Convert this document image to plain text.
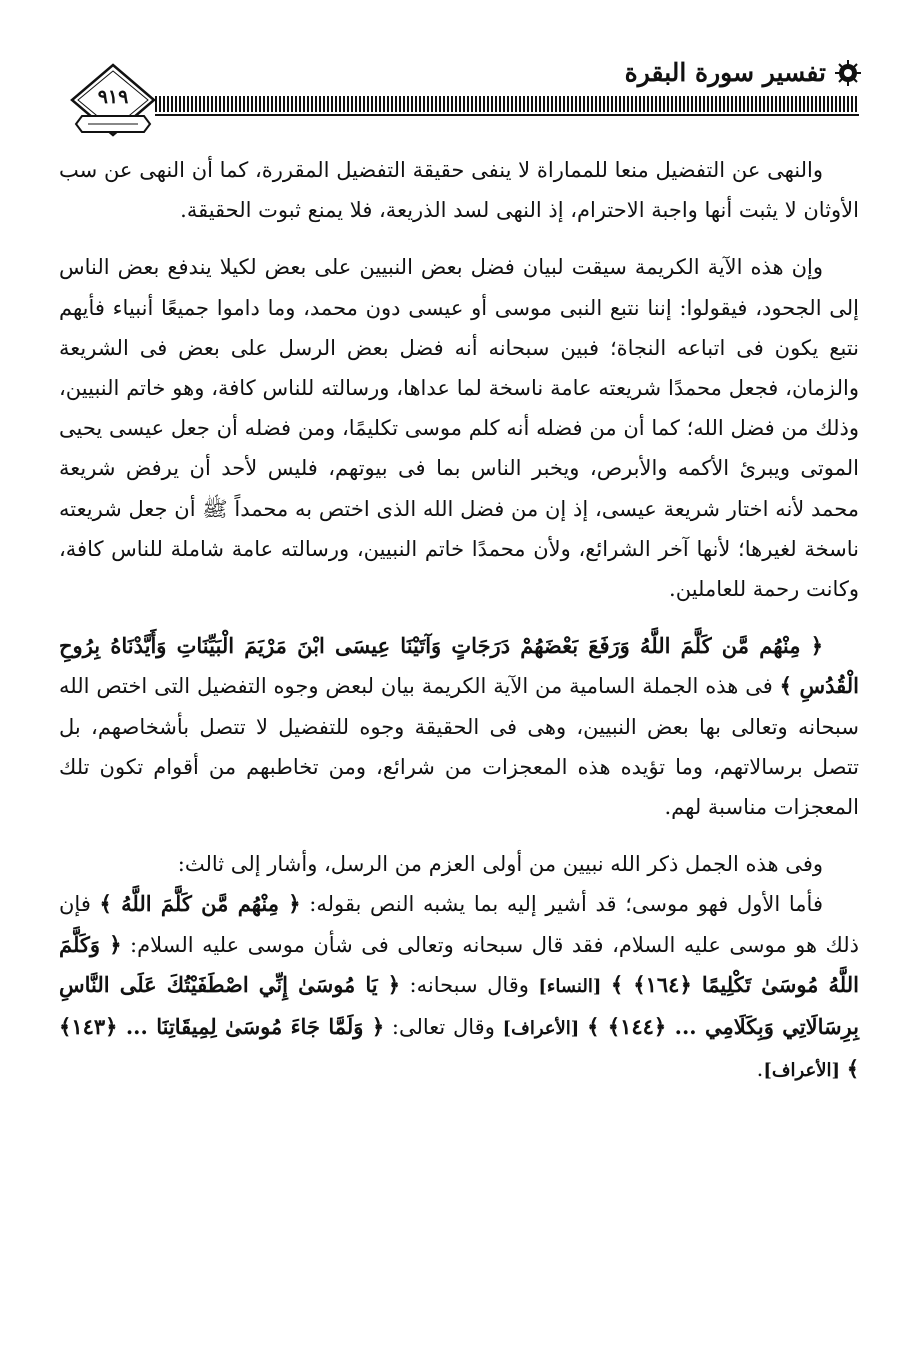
تفسير سورة البقرة
٩١٩

والنهى عن التفضيل منعا للمماراة لا ينفى حقيقة التفضيل المقررة، كما أن النهى عن سب الأوثان لا يثبت أنها واجبة الاحترام، إذ النهى لسد الذريعة، فلا يمنع ثبوت الحقيقة.

وإن هذه الآية الكريمة سيقت لبيان فضل بعض النبيين على بعض لكيلا يندفع بعض الناس إلى الجحود، فيقولوا: إننا نتبع النبى موسى أو عيسى دون محمد، وما داموا جميعًا أنبياء فأيهم نتبع يكون فى اتباعه النجاة؛ فبين سبحانه أنه فضل بعض الرسل على بعض فى الشريعة والزمان، فجعل محمدًا شريعته عامة ناسخة لما عداها، ورسالته للناس كافة، وهو خاتم النبيين، وذلك من فضل الله؛ كما أن من فضله أنه كلم موسى تكليمًا، ومن فضله أن جعل عيسى يحيى الموتى ويبرئ الأكمه والأبرص، ويخبر الناس بما فى بيوتهم، فليس لأحد أن يرفض شريعة محمد لأنه اختار شريعة عيسى، إذ إن من فضل الله الذى اختص به محمداً ﷺ أن جعل شريعته ناسخة لغيرها؛ لأنها آخر الشرائع، ولأن محمدًا خاتم النبيين، ورسالته عامة شاملة للناس كافة، وكانت رحمة للعاملين.

﴿ مِنْهُم مَّن كَلَّمَ اللَّهُ وَرَفَعَ بَعْضَهُمْ دَرَجَاتٍ وَآتَيْنَا عِيسَى ابْنَ مَرْيَمَ الْبَيِّنَاتِ وَأَيَّدْنَاهُ بِرُوحِ الْقُدُسِ ﴾ فى هذه الجملة السامية من الآية الكريمة بيان لبعض وجوه التفضيل التى اختص الله سبحانه وتعالى بها بعض النبيين، وهى فى الحقيقة وجوه للتفضيل لا تتصل بأشخاصهم، بل تتصل برسالاتهم، وما تؤيده هذه المعجزات من شرائع، ومن تخاطبهم من أقوام تكون تلك المعجزات مناسبة لهم.

وفى هذه الجمل ذكر الله نبيين من أولى العزم من الرسل، وأشار إلى ثالث:

فأما الأول فهو موسى؛ قد أشير إليه بما يشبه النص بقوله: ﴿ مِنْهُم مَّن كَلَّمَ اللَّهُ ﴾ فإن ذلك هو موسى عليه السلام، فقد قال سبحانه وتعالى فى شأن موسى عليه السلام: ﴿ وَكَلَّمَ اللَّهُ مُوسَىٰ تَكْلِيمًا ﴿١٦٤﴾ ﴾ [النساء] وقال سبحانه: ﴿ يَا مُوسَىٰ إِنِّي اصْطَفَيْتُكَ عَلَى النَّاسِ بِرِسَالَاتِي وَبِكَلَامِي ... ﴿١٤٤﴾ ﴾ [الأعراف] وقال تعالى: ﴿ وَلَمَّا جَاءَ مُوسَىٰ لِمِيقَاتِنَا ... ﴿١٤٣﴾ ﴾ [الأعراف].
